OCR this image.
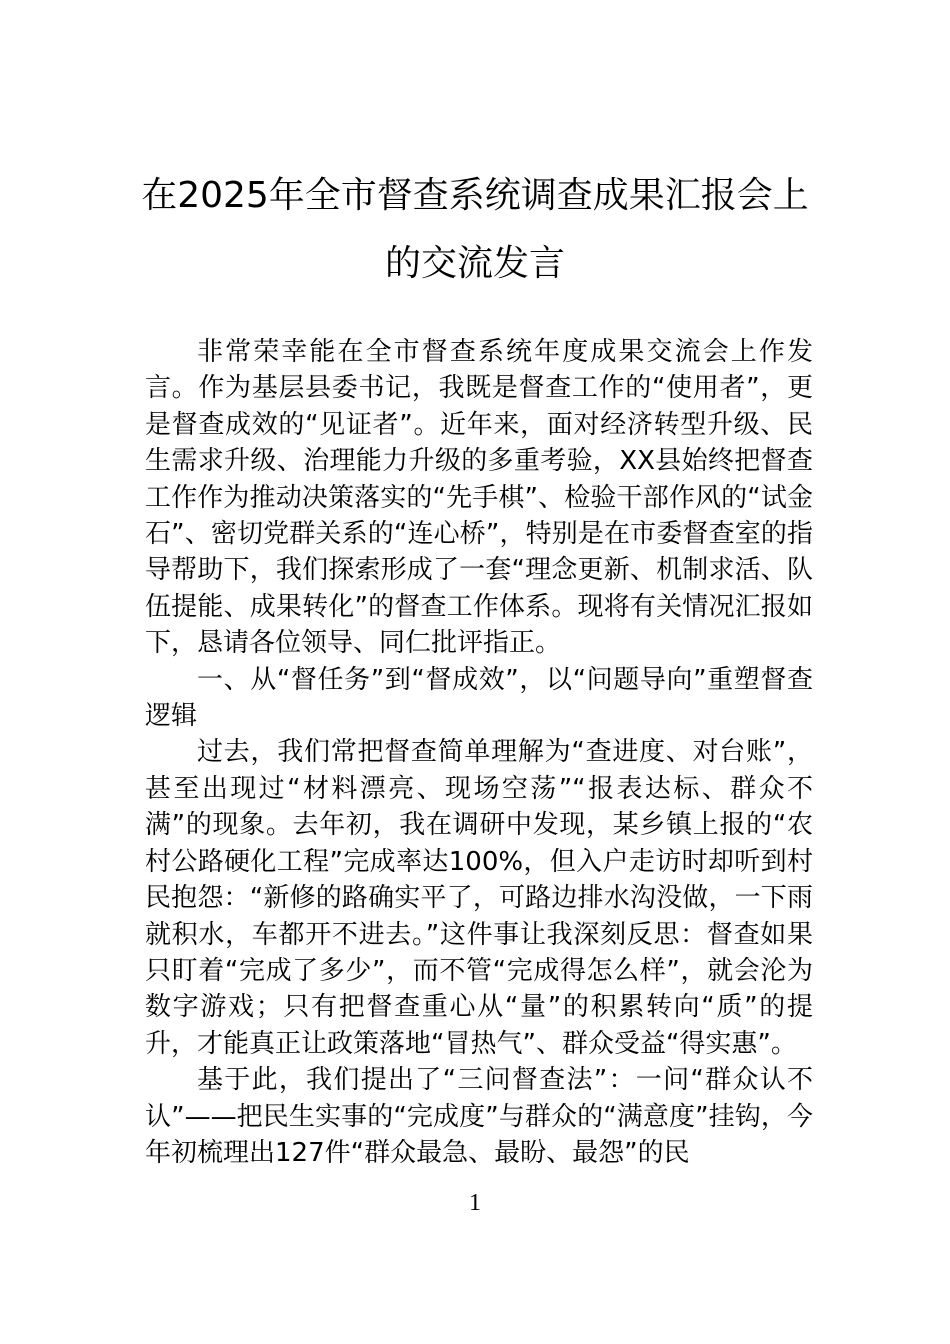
在2025年全市督查系统调查成果汇报会上
的交流发言

非常荣幸能在全市督查系统年度成果交流会上作发言。作为基层县委书记，我既是督查工作的“使用者”，更是督查成效的“见证者”。近年来，面对经济转型升级、民生需求升级、治理能力升级的多重考验，XX县始终把督查工作作为推动决策落实的“先手棋”、检验干部作风的“试金石”、密切党群关系的“连心桥”，特别是在市委督查室的指导帮助下，我们探索形成了一套“理念更新、机制求活、队伍提能、成果转化”的督查工作体系。现将有关情况汇报如下，恳请各位领导、同仁批评指正。

一、从“督任务”到“督成效”，以“问题导向”重塑督查逻辑

过去，我们常把督查简单理解为“查进度、对台账”，甚至出现过“材料漂亮、现场空荡”“报表达标、群众不满”的现象。去年初，我在调研中发现，某乡镇上报的“农村公路硬化工程”完成率达100%，但入户走访时却听到村民抱怨：“新修的路确实平了，可路边排水沟没做，一下雨就积水，车都开不进去。”这件事让我深刻反思：督查如果只盯着“完成了多少”，而不管“完成得怎么样”，就会沦为数字游戏；只有把督查重心从“量”的积累转向“质”的提升，才能真正让政策落地“冒热气”、群众受益“得实惠”。

基于此，我们提出了“三问督查法”：一问“群众认不认”——把民生实事的“完成度”与群众的“满意度”挂钩，今年初梳理出127件“群众最急、最盼、最怨”的民

1
